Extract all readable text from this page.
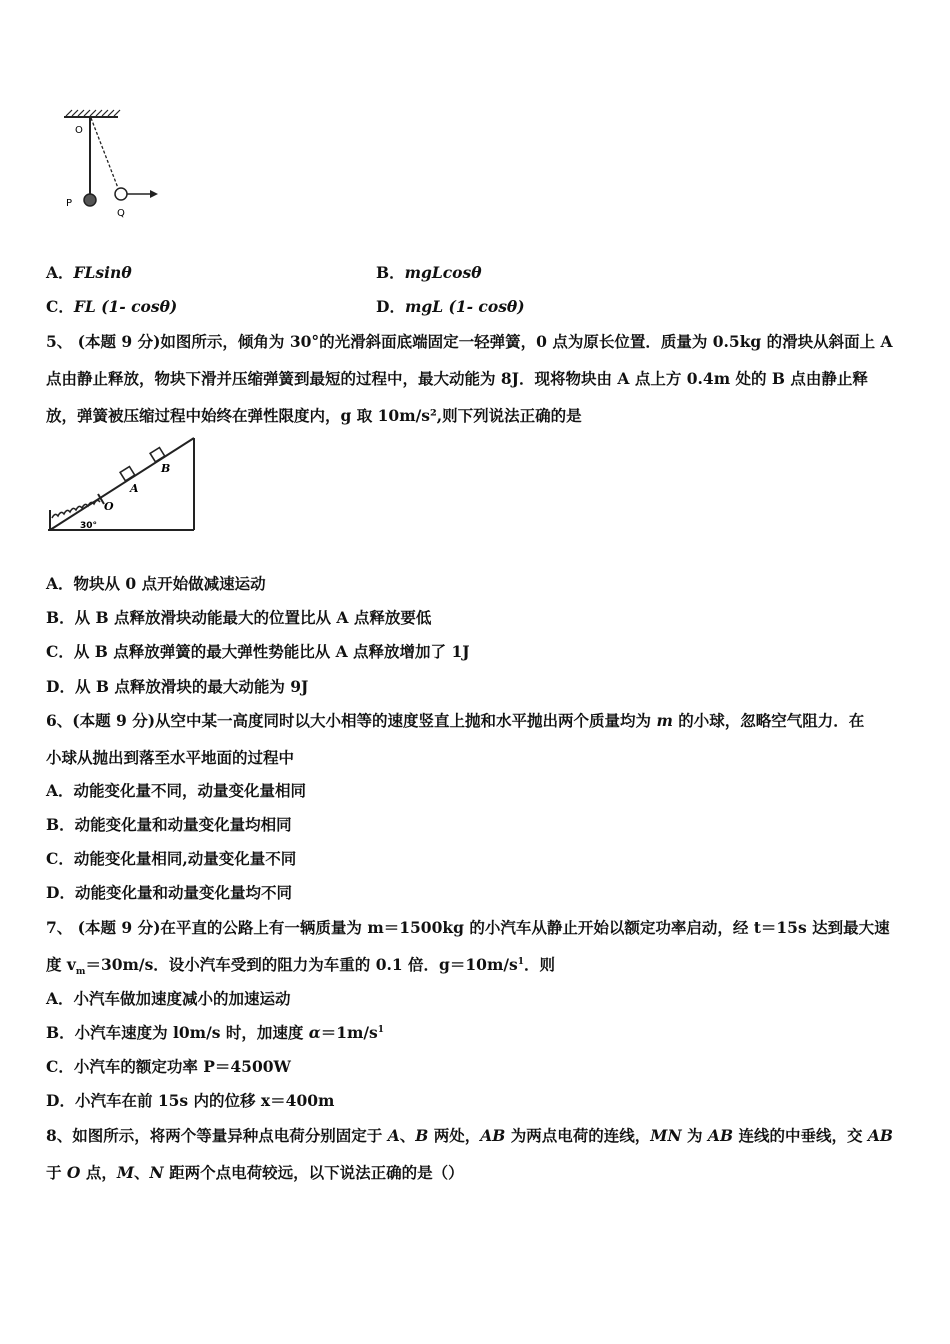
O
P
Q
A．FLsinθ	B．mgLcosθ
C．FL (1- cosθ)	D．mgL (1- cosθ)
5、 (本题 9 分)如图所示，倾角为 30°的光滑斜面底端固定一轻弹簧，0 点为原长位置．质量为 0.5kg 的滑块从斜面上 A
点由静止释放，物块下滑并压缩弹簧到最短的过程中，最大动能为 8J．现将物块由 A 点上方 0.4m 处的 B 点由静止释
放，弹簧被压缩过程中始终在弹性限度内，g 取 10m/s²,则下列说法正确的是
O
A
B
30°
A．物块从 0 点开始做减速运动
B．从 B 点释放滑块动能最大的位置比从 A 点释放要低
C．从 B 点释放弹簧的最大弹性势能比从 A 点释放增加了 1J
D．从 B 点释放滑块的最大动能为 9J
6、(本题 9 分)从空中某一高度同时以大小相等的速度竖直上抛和水平抛出两个质量均为 m 的小球，忽略空气阻力．在
小球从抛出到落至水平地面的过程中
A．动能变化量不同，动量变化量相同
B．动能变化量和动量变化量均相同
C．动能变化量相同,动量变化量不同
D．动能变化量和动量变化量均不同
7、 (本题 9 分)在平直的公路上有一辆质量为 m＝1500kg 的小汽车从静止开始以额定功率启动，经 t＝15s 达到最大速
度 $v_m=30m/s$．设小汽车受到的阻力为车重的 0.1 倍．$g=10m/s^1$．则
A．小汽车做加速度减小的加速运动
B．小汽车速度为 l0m/s 时，加速度 $\alpha=1m/s^1$
C．小汽车的额定功率 P＝4500W
D．小汽车在前 15s 内的位移 x＝400m
8、如图所示，将两个等量异种点电荷分别固定于 A、B 两处，AB 为两点电荷的连线，MN 为 AB 连线的中垂线，交 AB
于 O 点，M、N 距两个点电荷较远，以下说法正确的是（）
